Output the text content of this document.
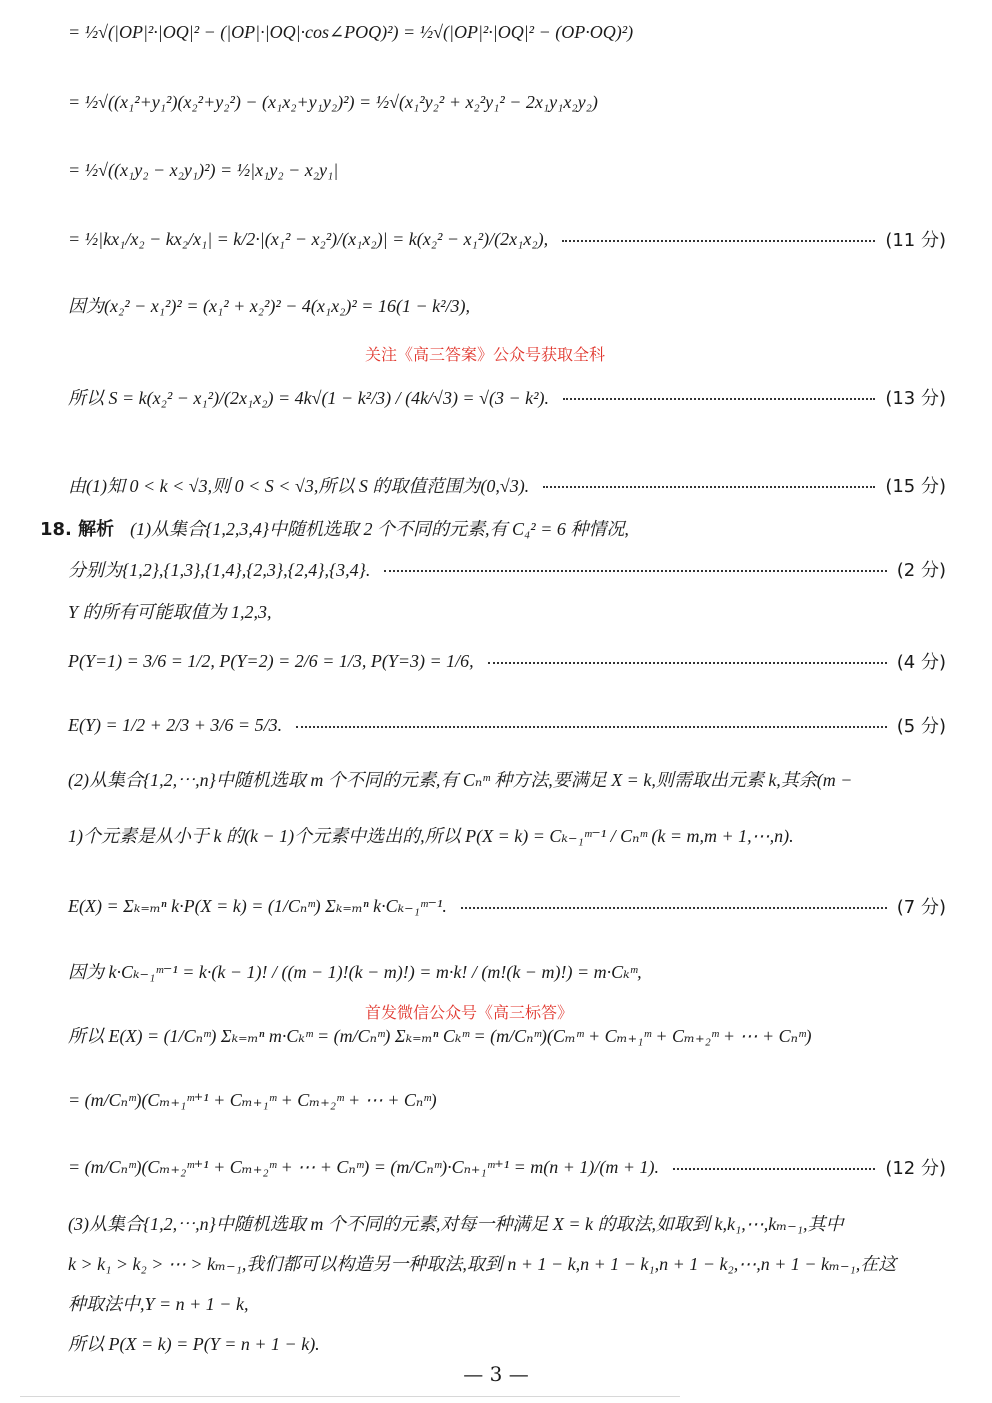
= ½√(|OP|²·|OQ|² − (|OP|·|OQ|·cos∠POQ)²) = ½√(|OP|²·|OQ|² − (OP·OQ)²)
= ½√((x₁²+y₁²)(x₂²+y₂²) − (x₁x₂+y₁y₂)²) = ½√(x₁²y₂² + x₂²y₁² − 2x₁y₁x₂y₂)
= ½√((x₁y₂ − x₂y₁)²) = ½|x₁y₂ − x₂y₁|
= ½|kx₁/x₂ − kx₂/x₁| = k/2·|(x₁² − x₂²)/(x₁x₂)| = k(x₂² − x₁²)/(2x₁x₂),	(11 分)
因为(x₂² − x₁²)² = (x₁² + x₂²)² − 4(x₁x₂)² = 16(1 − k²/3),
关注《高三答案》公众号获取全科
所以 S = k(x₂² − x₁²)/(2x₁x₂) = 4k√(1 − k²/3) / (4k/√3) = √(3 − k²).	(13 分)
由(1)知 0 < k < √3,则 0 < S < √3,所以 S 的取值范围为(0,√3).	(15 分)
18. 解析 (1)从集合{1,2,3,4}中随机选取 2 个不同的元素,有 C₄² = 6 种情况,
分别为{1,2},{1,3},{1,4},{2,3},{2,4},{3,4}.	(2 分)
Y 的所有可能取值为 1,2,3,
P(Y=1) = 3/6 = 1/2, P(Y=2) = 2/6 = 1/3, P(Y=3) = 1/6,	(4 分)
E(Y) = 1/2 + 2/3 + 3/6 = 5/3.	(5 分)
(2)从集合{1,2,⋯,n}中随机选取 m 个不同的元素,有 Cₙᵐ 种方法,要满足 X = k,则需取出元素 k,其余(m −
1)个元素是从小于 k 的(k − 1)个元素中选出的,所以 P(X = k) = Cₖ₋₁ᵐ⁻¹ / Cₙᵐ (k = m,m + 1,⋯,n).
E(X) = Σₖ₌ₘⁿ k·P(X = k) = (1/Cₙᵐ) Σₖ₌ₘⁿ k·Cₖ₋₁ᵐ⁻¹.	(7 分)
因为 k·Cₖ₋₁ᵐ⁻¹ = k·(k − 1)! / ((m − 1)!(k − m)!) = m·k! / (m!(k − m)!) = m·Cₖᵐ,
首发微信公众号《高三标答》
所以 E(X) = (1/Cₙᵐ) Σₖ₌ₘⁿ m·Cₖᵐ = (m/Cₙᵐ) Σₖ₌ₘⁿ Cₖᵐ = (m/Cₙᵐ)(Cₘᵐ + Cₘ₊₁ᵐ + Cₘ₊₂ᵐ + ⋯ + Cₙᵐ)
= (m/Cₙᵐ)(Cₘ₊₁ᵐ⁺¹ + Cₘ₊₁ᵐ + Cₘ₊₂ᵐ + ⋯ + Cₙᵐ)
= (m/Cₙᵐ)(Cₘ₊₂ᵐ⁺¹ + Cₘ₊₂ᵐ + ⋯ + Cₙᵐ) = (m/Cₙᵐ)·Cₙ₊₁ᵐ⁺¹ = m(n + 1)/(m + 1).	(12 分)
(3)从集合{1,2,⋯,n}中随机选取 m 个不同的元素,对每一种满足 X = k 的取法,如取到 k,k₁,⋯,kₘ₋₁,其中
k > k₁ > k₂ > ⋯ > kₘ₋₁,我们都可以构造另一种取法,取到 n + 1 − k,n + 1 − k₁,n + 1 − k₂,⋯,n + 1 − kₘ₋₁,在这
种取法中,Y = n + 1 − k,
所以 P(X = k) = P(Y = n + 1 − k).
— 3 —
